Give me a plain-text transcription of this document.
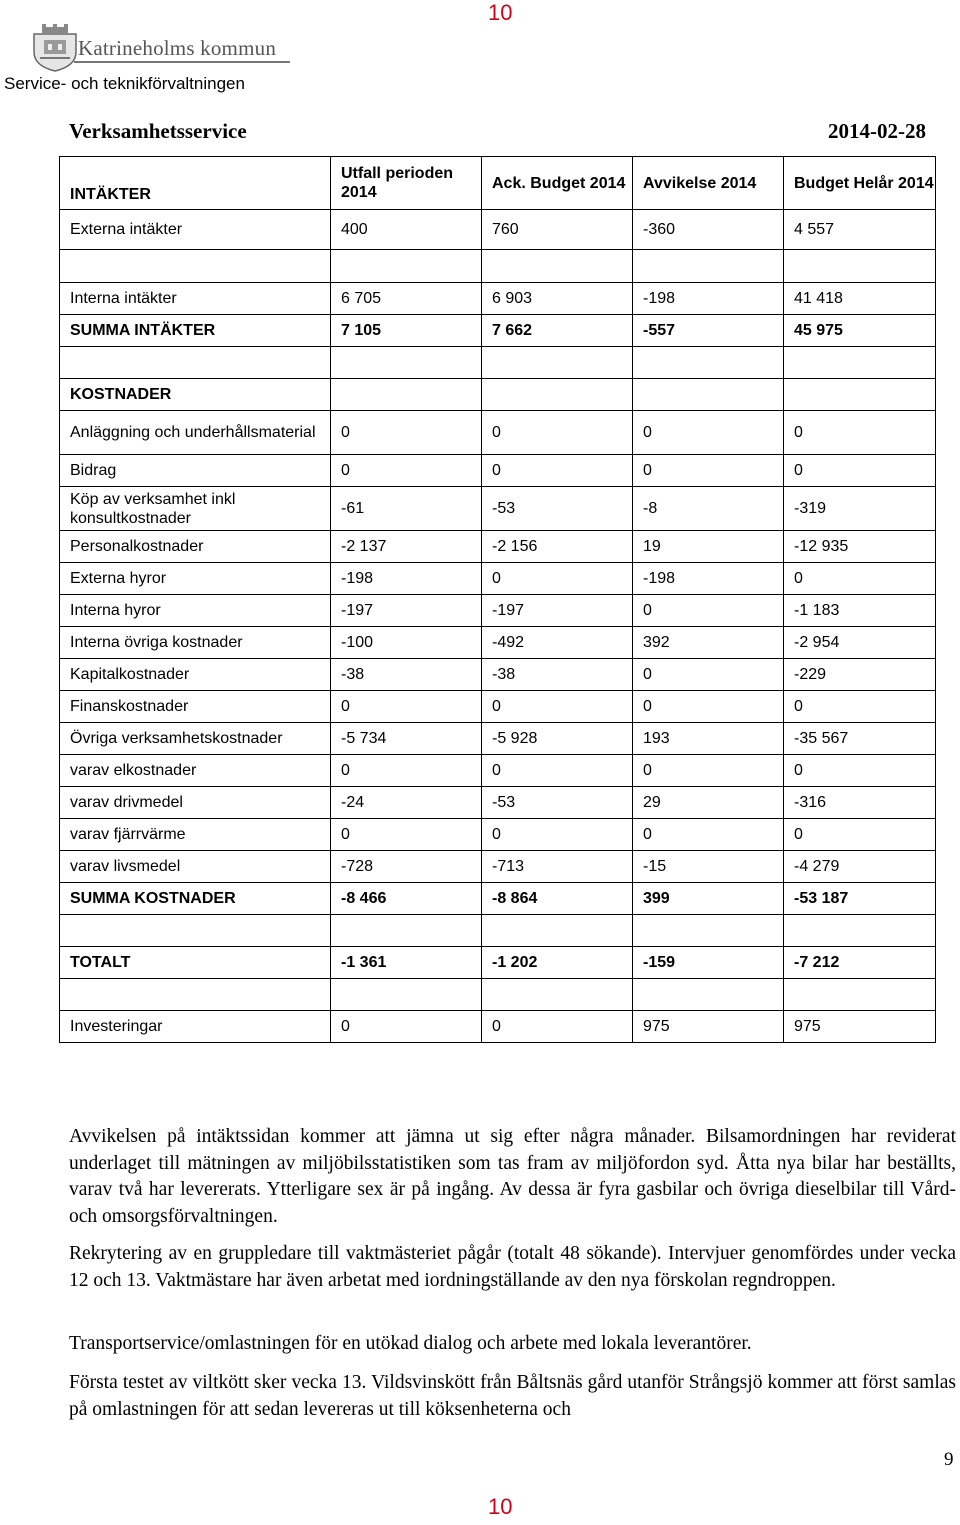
10
Katrineholms kommun
Service- och teknikförvaltningen
Verksamhetsservice	2014-02-28
INTÄKTER	Utfall perioden 2014	Ack. Budget 2014	Avvikelse 2014	Budget Helår 2014
Externa intäkter	400	760	-360	4 557

Interna intäkter	6 705	6 903	-198	41 418
SUMMA INTÄKTER	7 105	7 662	-557	45 975

KOSTNADER				
Anläggning och underhållsmaterial	0	0	0	0
Bidrag	0	0	0	0
Köp av verksamhet inkl konsultkostnader	-61	-53	-8	-319
Personalkostnader	-2 137	-2 156	19	-12 935
Externa hyror	-198	0	-198	0
Interna hyror	-197	-197	0	-1 183
Interna övriga kostnader	-100	-492	392	-2 954
Kapitalkostnader	-38	-38	0	-229
Finanskostnader	0	0	0	0
Övriga verksamhetskostnader	-5 734	-5 928	193	-35 567
varav elkostnader	0	0	0	0
varav drivmedel	-24	-53	29	-316
varav fjärrvärme	0	0	0	0
varav livsmedel	-728	-713	-15	-4 279
SUMMA KOSTNADER	-8 466	-8 864	399	-53 187

TOTALT	-1 361	-1 202	-159	-7 212

Investeringar	0	0	975	975
Avvikelsen på intäktssidan kommer att jämna ut sig efter några månader. Bilsamordningen har reviderat underlaget till mätningen av miljöbilsstatistiken som tas fram av miljöfordon syd. Åtta nya bilar har beställts, varav två har levererats. Ytterligare sex är på ingång. Av dessa är fyra gasbilar och övriga dieselbilar till Vård- och omsorgsförvaltningen.
Rekrytering av en gruppledare till vaktmästeriet pågår (totalt 48 sökande). Intervjuer genomfördes under vecka 12 och 13. Vaktmästare har även arbetat med iordningställande av den nya förskolan regndroppen.
Transportservice/omlastningen för en utökad dialog och arbete med lokala leverantörer.
Första testet av viltkött sker vecka 13. Vildsvinskött från Båltsnäs gård utanför Strångsjö kommer att först samlas på omlastningen för att sedan levereras ut till köksenheterna och
9
10
